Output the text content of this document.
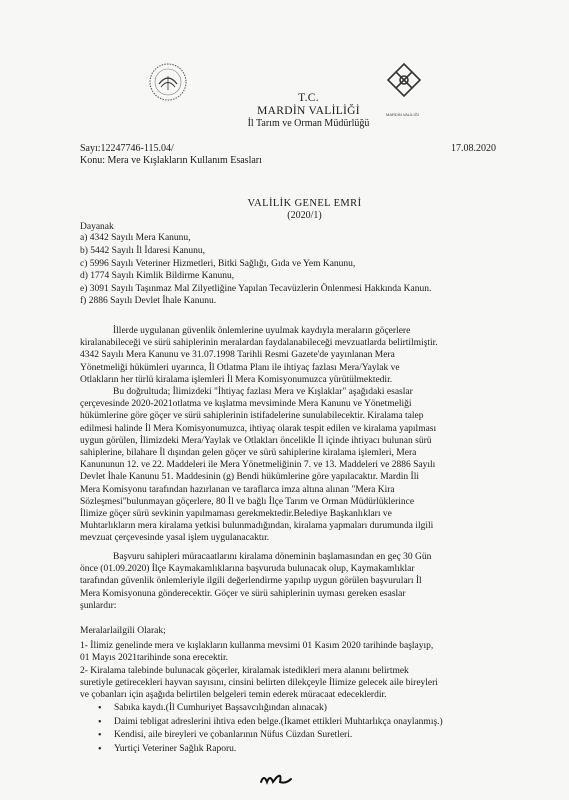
MARDİN VALİLİĞİ
T.C.
MARDİN VALİLİĞİ
İl Tarım ve Orman Müdürlüğü
Sayı:12247746-115.04/
Konu: Mera ve Kışlakların Kullanım Esasları
17.08.2020
VALİLİK GENEL EMRİ
(2020/1)
Dayanak
a) 4342 Sayılı Mera Kanunu,
b) 5442 Sayılı İl İdaresi Kanunu,
c) 5996 Sayılı Veteriner Hizmetleri, Bitki Sağlığı, Gıda ve Yem Kanunu,
d) 1774 Sayılı Kimlik Bildirme Kanunu,
e) 3091 Sayılı Taşınmaz Mal Zilyetliğine Yapılan Tecavüzlerin Önlenmesi Hakkında Kanun.
f) 2886 Sayılı Devlet İhale Kanunu.
İllerde uygulanan güvenlik önlemlerine uyulmak kaydıyla meraların göçerlere
kiralanabileceği ve sürü sahiplerinin meralardan faydalanabileceği mevzuatlarda belirtilmiştir.
4342 Sayılı Mera Kanunu ve 31.07.1998 Tarihli Resmi Gazete'de yayınlanan Mera
Yönetmeliği hükümleri uyarınca, İl Otlatma Planı ile ihtiyaç fazlası Mera/Yaylak ve
Otlakların her türlü kiralama işlemleri İl Mera Komisyonumuzca yürütülmektedir.
Bu doğrultuda; İlimizdeki "İhtiyaç fazlası Mera ve Kışlaklar" aşağıdaki esaslar
çerçevesinde 2020-2021otlatma ve kışlatma mevsiminde Mera Kanunu ve Yönetmeliği
hükümlerine göre göçer ve sürü sahiplerinin istifadelerine sunulabilecektir. Kiralama talep
edilmesi halinde İl Mera Komisyonumuzca, ihtiyaç olarak tespit edilen ve kiralama yapılması
uygun görülen, İlimizdeki Mera/Yaylak ve Otlakları öncelikle İl içinde ihtiyacı bulunan sürü
sahiplerine, bilahare İl dışından gelen göçer ve sürü sahiplerine kiralama işlemleri, Mera
Kanununun 12. ve 22. Maddeleri ile Mera Yönetmeliğinin 7. ve 13. Maddeleri ve 2886 Sayılı
Devlet İhale Kanunu 51. Maddesinin (g) Bendi hükümlerine göre yapılacaktır. Mardin İli
Mera Komisyonu tarafından hazırlanan ve taraflarca imza altına alınan "Mera Kira
Sözleşmesi"bulunmayan göçerlere, 80 İl ve bağlı İlçe Tarım ve Orman Müdürlüklerince
İlimize göçer sürü sevkinin yapılmaması gerekmektedir.Belediye Başkanlıkları ve
Muhtarlıkların mera kiralama yetkisi bulunmadığından, kiralama yapmaları durumunda ilgili
mevzuat çerçevesinde yasal işlem uygulanacaktır.
Başvuru sahipleri müracaatlarını kiralama döneminin başlamasından en geç 30 Gün
önce (01.09.2020) İlçe Kaymakamlıklarına başvuruda bulunacak olup, Kaymakamlıklar
tarafından güvenlik önlemleriyle ilgili değerlendirme yapılıp uygun görülen başvuruları İl
Mera Komisyonuna gönderecektir. Göçer ve sürü sahiplerinin uyması gereken esaslar
şunlardır:
Meralarlailgili Olarak;
1- İlimiz genelinde mera ve kışlakların kullanma mevsimi 01 Kasım 2020 tarihinde başlayıp,
01 Mayıs 2021tarihinde sona erecektir.
2- Kiralama talebinde bulunacak göçerler, kiralamak istedikleri mera alanını belirtmek
suretiyle getirecekleri hayvan sayısını, cinsini belirten dilekçeyle İlimize gelecek aile bireyleri
ve çobanları için aşağıda belirtilen belgeleri temin ederek müracaat edeceklerdir.
• Sabıka kaydı.(İl Cumhuriyet Başsavcılığından alınacak)
• Daimi tebligat adreslerini ihtiva eden belge.(İkamet ettikleri Muhtarlıkça onaylanmış.)
• Kendisi, aile bireyleri ve çobanlarının Nüfus Cüzdan Suretleri.
• Yurtiçi Veteriner Sağlık Raporu.
